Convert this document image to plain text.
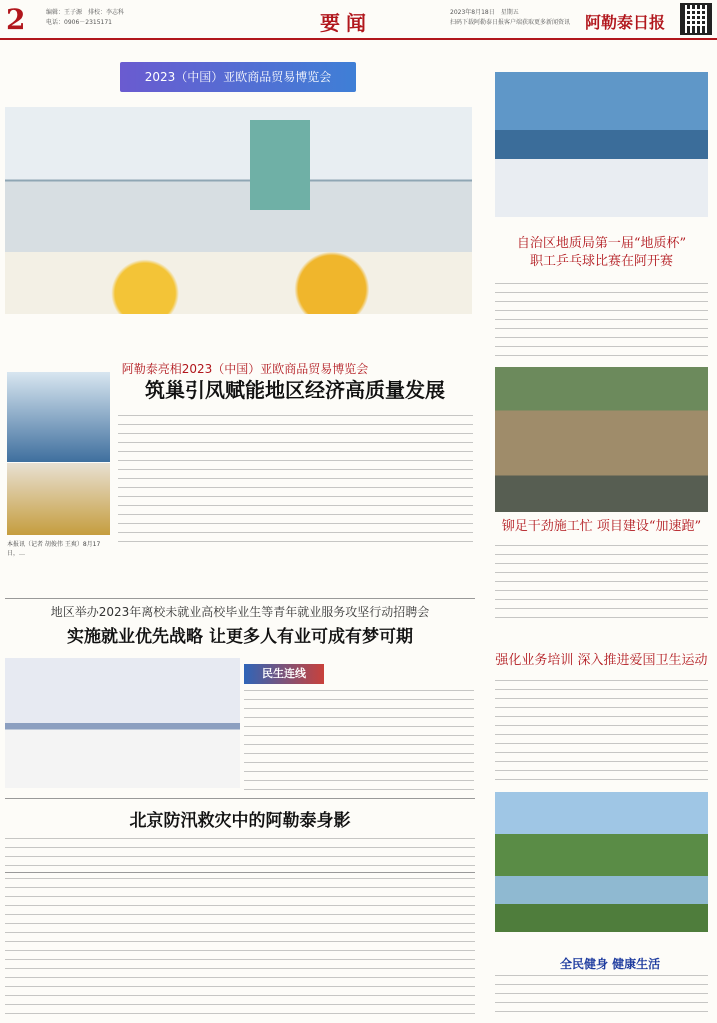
2	编辑：王子源　排校：李志科
电话：0906－2315171	要闻	2023年8月18日　星期五
扫码下载阿勒泰日报客户端获取更多新闻资讯 阿勒泰日报
2023（中国）亚欧商品贸易博览会
阿勒泰亮相2023（中国）亚欧商品贸易博览会
筑巢引凤赋能地区经济高质量发展
本报讯（记者 胡俊伟 王爽）8月17日，…
自治区地质局第一届“地质杯”
职工乒乓球比赛在阿开赛
铆足干劲施工忙 项目建设“加速跑”
强化业务培训 深入推进爱国卫生运动
地区举办2023年离校未就业高校毕业生等青年就业服务攻坚行动招聘会
实施就业优先战略 让更多人有业可成有梦可期
民生连线
北京防汛救灾中的阿勒泰身影
全民健身 健康生活
